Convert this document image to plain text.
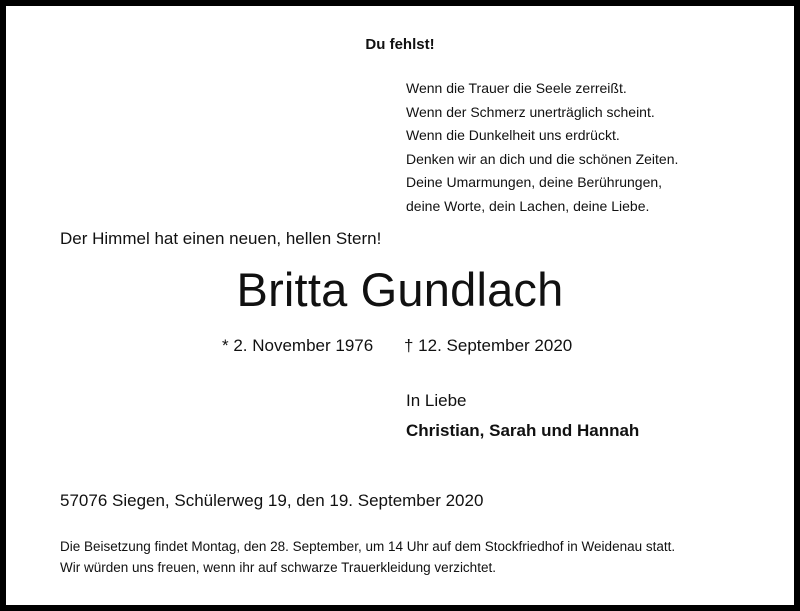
Du fehlst!
Wenn die Trauer die Seele zerreißt.
Wenn der Schmerz unerträglich scheint.
Wenn die Dunkelheit uns erdrückt.
Denken wir an dich und die schönen Zeiten.
Deine Umarmungen, deine Berührungen,
deine Worte, dein Lachen, deine Liebe.
Der Himmel hat einen neuen, hellen Stern!
Britta Gundlach
* 2. November 1976 † 12. September 2020
In Liebe
Christian, Sarah und Hannah
57076 Siegen, Schülerweg 19, den 19. September 2020
Die Beisetzung findet Montag, den 28. September, um 14 Uhr auf dem Stockfriedhof in Weidenau statt.
Wir würden uns freuen, wenn ihr auf schwarze Trauerkleidung verzichtet.
